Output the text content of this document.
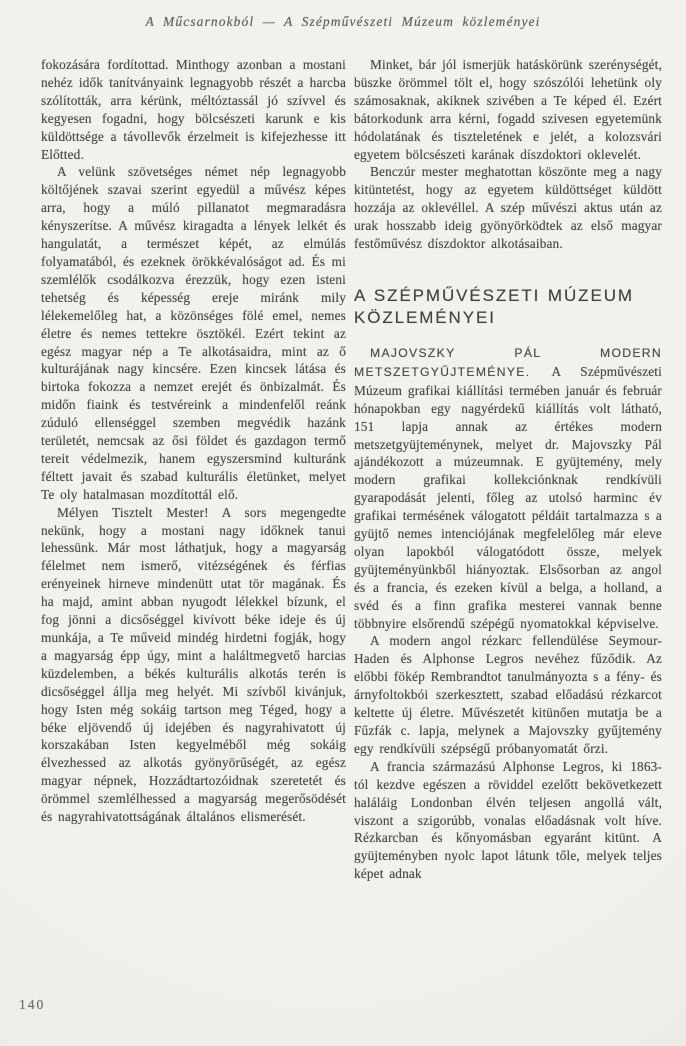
A Műcsarnokból — A Szépművészeti Múzeum közleményei

fokozására fordítottad. Minthogy azonban a mostani nehéz idők tanítványaink legnagyobb részét a harcba szólították, arra kérünk, méltóztassál jó szívvel és kegyesen fogadni, hogy bölcsészeti karunk e kis küldöttsége a távollevők érzelmeit is kifejezhesse itt Előtted.

A velünk szövetséges német nép legnagyobb költőjének szavai szerint egyedül a művész képes arra, hogy a múló pillanatot megmaradásra kényszerítse. A művész kiragadta a lények lelkét és hangulatát, a természet képét, az elmúlás folyamatából, és ezeknek örökkévalóságot ad. És mi szemlélők csodálkozva érezzük, hogy ezen isteni tehetség és képesség ereje miránk mily lélekemelőleg hat, a közönséges fölé emel, nemes életre és nemes tettekre ösztökél. Ezért tekint az egész magyar nép a Te alkotásaidra, mint az ő kulturájának nagy kincsére. Ezen kincsek látása és birtoka fokozza a nemzet erejét és önbizalmát. És midőn fiaink és testvéreink a mindenfelől reánk zúduló ellenséggel szemben megvédik hazánk területét, nemcsak az ősi földet és gazdagon termő tereit védelmezik, hanem egyszersmind kulturánk féltett javait és szabad kulturális életünket, melyet Te oly hatalmasan mozdítottál elő.

Mélyen Tisztelt Mester! A sors megengedte nekünk, hogy a mostani nagy időknek tanui lehessünk. Már most láthatjuk, hogy a magyarság félelmet nem ismerő, vitézségének és férfias erényeinek hirneve mindenütt utat tör magának. És ha majd, amint abban nyugodt lélekkel bízunk, el fog jönni a dicsőséggel kivívott béke ideje és új munkája, a Te műveid mindég hirdetni fogják, hogy a magyarság épp úgy, mint a haláltmegvető harcias küzdelemben, a békés kulturális alkotás terén is dicsőséggel állja meg helyét. Mi szívből kivánjuk, hogy Isten még sokáig tartson meg Téged, hogy a béke eljövendő új idejében és nagyrahivatott új korszakában Isten kegyelméből még sokáig élvezhessed az alkotás gyönyörűségét, az egész magyar népnek, Hozzádtartozóidnak szeretetét és örömmel szemlélhessed a magyarság megerősödését és nagyrahivatottságának általános elismerését.

Minket, bár jól ismerjük hatáskörünk szerénységét, büszke örömmel tölt el, hogy szószólói lehetünk oly számosaknak, akiknek szivében a Te képed él. Ezért bátorkodunk arra kérni, fogadd szivesen egyetemünk hódolatának és tiszteletének e jelét, a kolozsvári egyetem bölcsészeti karának díszdoktori oklevelét.

Benczúr mester meghatottan köszönte meg a nagy kitüntetést, hogy az egyetem küldöttséget küldött hozzája az oklevéllel. A szép művészi aktus után az urak hosszabb ideig gyönyörködtek az első magyar festőművész díszdoktor alkotásaiban.

A SZÉPMŰVÉSZETI MÚZEUM KÖZLEMÉNYEI

MAJOVSZKY PÁL MODERN METSZETGYŰJTEMÉNYE. A Szépművészeti Múzeum grafikai kiállítási termében január és február hónapokban egy nagyérdekű kiállítás volt látható, 151 lapja annak az értékes modern metszetgyüjteménynek, melyet dr. Majovszky Pál ajándékozott a múzeumnak. E gyüjtemény, mely modern grafikai kollekciónknak rendkívüli gyarapodását jelenti, főleg az utolsó harminc év grafikai termésének válogatott példáit tartalmazza s a gyüjtő nemes intenciójának megfelelőleg már eleve olyan lapokból válogatódott össze, melyek gyüjteményünkből hiányoztak. Elsősorban az angol és a francia, és ezeken kívül a belga, a holland, a svéd és a finn grafika mesterei vannak benne többnyire elsőrendű szépégű nyomatokkal képviselve.

A modern angol rézkarc fellendülése Seymour-Haden és Alphonse Legros nevéhez fűződik. Az előbbi fökép Rembrandtot tanulmányozta s a fény- és árnyfoltokbói szerkesztett, szabad előadású rézkarcot keltette új életre. Művészetét kitünően mutatja be a Fűzfák c. lapja, melynek a Majovszky gyűjtemény egy rendkívüli szépségű próbanyomatát őrzi.

A francia származású Alphonse Legros, ki 1863-tól kezdve egészen a röviddel ezelőtt bekövetkezett haláláig Londonban élvén teljesen angollá vált, viszont a szigorúbb, vonalas előadásnak volt híve. Rézkarcban és kőnyomásban egyaránt kitünt. A gyüjteményben nyolc lapot látunk tőle, melyek teljes képet adnak

140
